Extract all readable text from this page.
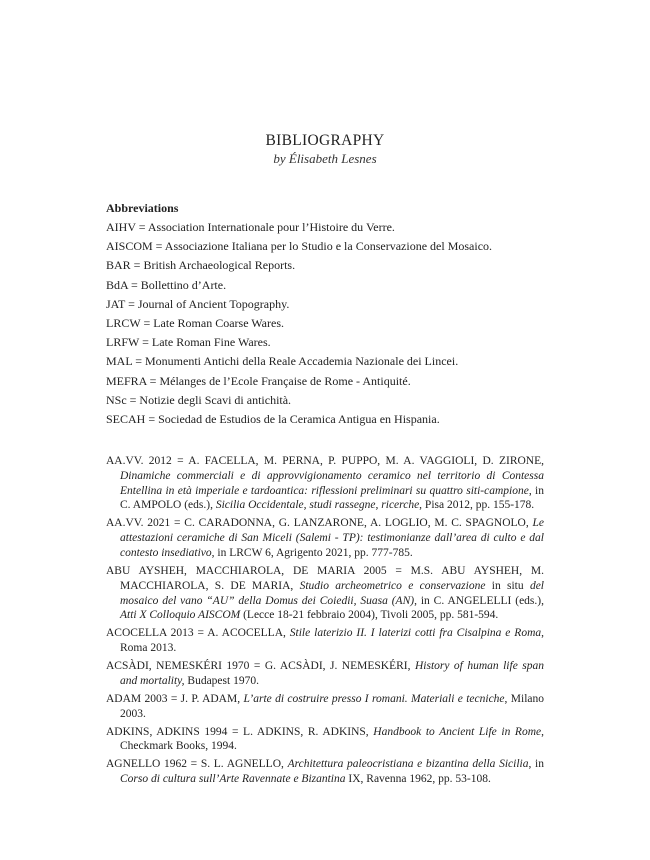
BIBLIOGRAPHY
by Élisabeth Lesnes
Abbreviations
AIHV = Association Internationale pour l’Histoire du Verre.
AISCOM = Associazione Italiana per lo Studio e la Conservazione del Mosaico.
BAR = British Archaeological Reports.
BdA = Bollettino d’Arte.
JAT = Journal of Ancient Topography.
LRCW = Late Roman Coarse Wares.
LRFW = Late Roman Fine Wares.
MAL = Monumenti Antichi della Reale Accademia Nazionale dei Lincei.
MEFRA = Mélanges de l’Ecole Française de Rome - Antiquité.
NSc = Notizie degli Scavi di antichità.
SECAH = Sociedad de Estudios de la Ceramica Antigua en Hispania.
AA.VV. 2012 = A. FACELLA, M. PERNA, P. PUPPO, M. A. VAGGIOLI, D. ZIRONE, Dinamiche commerciali e di approvvigionamento ceramico nel territorio di Contessa Entellina in età imperiale e tardoantica: riflessioni preliminari su quattro siti-campione, in C. AMPOLO (eds.), Sicilia Occidentale, studi rassegne, ricerche, Pisa 2012, pp. 155-178.
AA.VV. 2021 = C. CARADONNA, G. LANZARONE, A. LOGLIO, M. C. SPAGNOLO, Le attestazioni ceramiche di San Miceli (Salemi - TP): testimonianze dall’area di culto e dal contesto insediativo, in LRCW 6, Agrigento 2021, pp. 777-785.
ABU AYSHEH, MACCHIAROLA, DE MARIA 2005 = M.S. ABU AYSHEH, M. MACCHIAROLA, S. DE MARIA, Studio archeometrico e conservazione in situ del mosaico del vano “AU” della Domus dei Coiedii, Suasa (AN), in C. ANGELELLI (eds.), Atti X Colloquio AISCOM (Lecce 18-21 febbraio 2004), Tivoli 2005, pp. 581-594.
ACOCELLA 2013 = A. ACOCELLA, Stile laterizio II. I laterizi cotti fra Cisalpina e Roma, Roma 2013.
ACSÀDI, NEMESKÉRI 1970 = G. ACSÀDI, J. NEMESKÉRI, History of human life span and mortality, Budapest 1970.
ADAM 2003 = J. P. ADAM, L’arte di costruire presso I romani. Materiali e tecniche, Milano 2003.
ADKINS, ADKINS 1994 = L. ADKINS, R. ADKINS, Handbook to Ancient Life in Rome, Checkmark Books, 1994.
AGNELLO 1962 = S. L. AGNELLO, Architettura paleocristiana e bizantina della Sicilia, in Corso di cultura sull’Arte Ravennate e Bizantina IX, Ravenna 1962, pp. 53-108.
